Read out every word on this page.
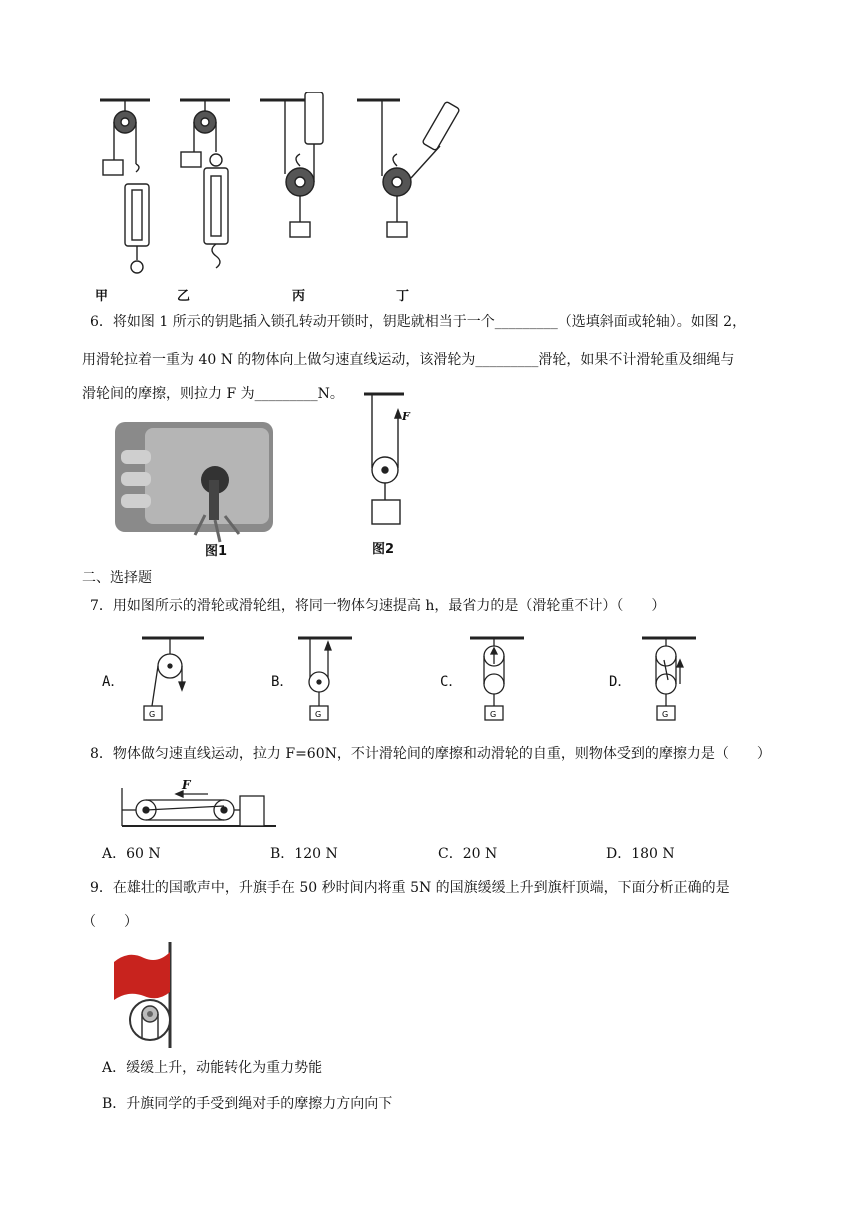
甲	乙	丙	丁
6．将如图 1 所示的钥匙插入锁孔转动开锁时，钥匙就相当于一个_________（选填斜面或轮轴）。如图 2，
用滑轮拉着一重为 40 N 的物体向上做匀速直线运动，该滑轮为_________滑轮，如果不计滑轮重及细绳与
滑轮间的摩擦，则拉力 F 为_________N。
图1
F
图2
二、选择题
7．用如图所示的滑轮或滑轮组，将同一物体匀速提高 h，最省力的是（滑轮重不计）（　　）
A．
G
B．
G
C．
G
D．
G
8．物体做匀速直线运动，拉力 F=60N，不计滑轮间的摩擦和动滑轮的自重，则物体受到的摩擦力是（　　）
F
A．60 N	B．120 N	C．20 N	D．180 N
9．在雄壮的国歌声中，升旗手在 50 秒时间内将重 5N 的国旗缓缓上升到旗杆顶端，下面分析正确的是
（　　）
A．缓缓上升，动能转化为重力势能
B．升旗同学的手受到绳对手的摩擦力方向向下
